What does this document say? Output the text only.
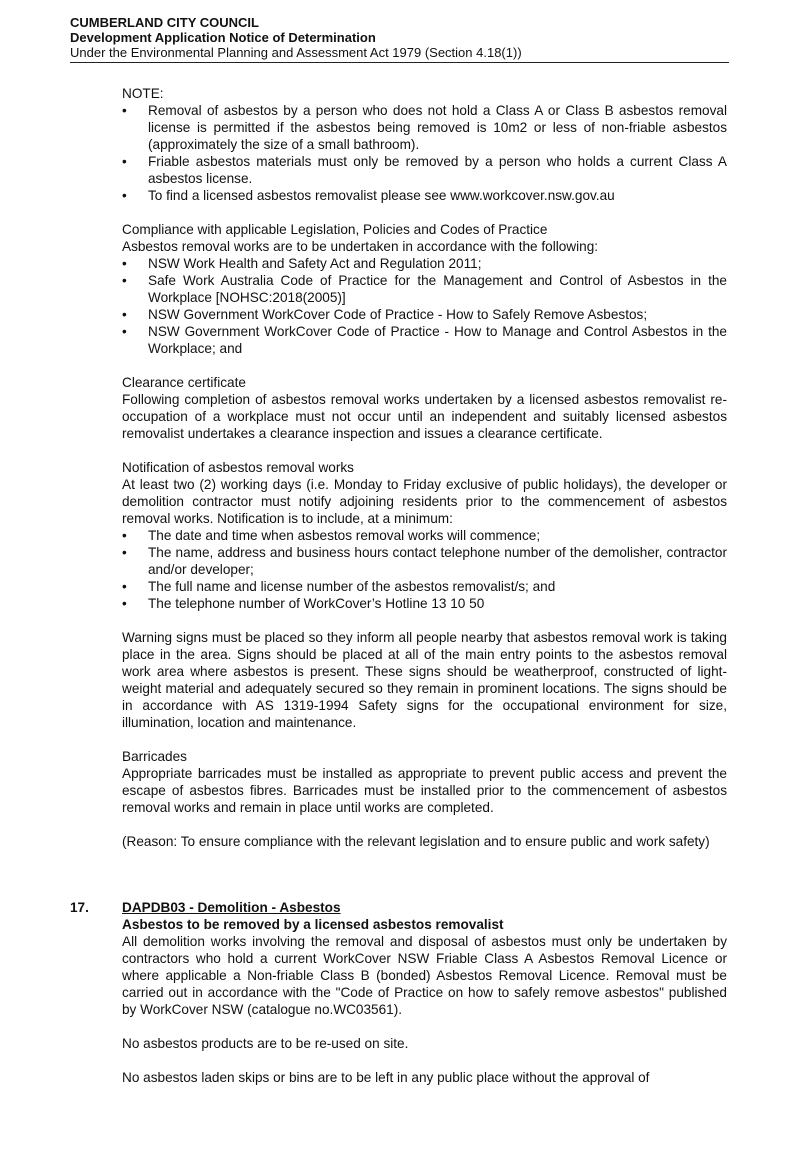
CUMBERLAND CITY COUNCIL
Development Application Notice of Determination
Under the Environmental Planning and Assessment Act 1979 (Section 4.18(1))

NOTE:

• Removal of asbestos by a person who does not hold a Class A or Class B asbestos removal license is permitted if the asbestos being removed is 10m2 or less of non-friable asbestos (approximately the size of a small bathroom).
• Friable asbestos materials must only be removed by a person who holds a current Class A asbestos license.
• To find a licensed asbestos removalist please see www.workcover.nsw.gov.au

Compliance with applicable Legislation, Policies and Codes of Practice

Asbestos removal works are to be undertaken in accordance with the following:

• NSW Work Health and Safety Act and Regulation 2011;
• Safe Work Australia Code of Practice for the Management and Control of Asbestos in the Workplace [NOHSC:2018(2005)]
• NSW Government WorkCover Code of Practice - How to Safely Remove Asbestos;
• NSW Government WorkCover Code of Practice - How to Manage and Control Asbestos in the Workplace; and

Clearance certificate

Following completion of asbestos removal works undertaken by a licensed asbestos removalist re-occupation of a workplace must not occur until an independent and suitably licensed asbestos removalist undertakes a clearance inspection and issues a clearance certificate.

Notification of asbestos removal works

At least two (2) working days (i.e. Monday to Friday exclusive of public holidays), the developer or demolition contractor must notify adjoining residents prior to the commencement of asbestos removal works. Notification is to include, at a minimum:

• The date and time when asbestos removal works will commence;
• The name, address and business hours contact telephone number of the demolisher, contractor and/or developer;
• The full name and license number of the asbestos removalist/s; and
• The telephone number of WorkCover’s Hotline 13 10 50

Warning signs must be placed so they inform all people nearby that asbestos removal work is taking place in the area. Signs should be placed at all of the main entry points to the asbestos removal work area where asbestos is present. These signs should be weatherproof, constructed of light-weight material and adequately secured so they remain in prominent locations. The signs should be in accordance with AS 1319-1994 Safety signs for the occupational environment for size, illumination, location and maintenance.

Barricades

Appropriate barricades must be installed as appropriate to prevent public access and prevent the escape of asbestos fibres. Barricades must be installed prior to the commencement of asbestos removal works and remain in place until works are completed.

(Reason: To ensure compliance with the relevant legislation and to ensure public and work safety)

17. DAPDB03 - Demolition - Asbestos
Asbestos to be removed by a licensed asbestos removalist

All demolition works involving the removal and disposal of asbestos must only be undertaken by contractors who hold a current WorkCover NSW Friable Class A Asbestos Removal Licence or where applicable a Non-friable Class B (bonded) Asbestos Removal Licence. Removal must be carried out in accordance with the "Code of Practice on how to safely remove asbestos" published by WorkCover NSW (catalogue no.WC03561).

No asbestos products are to be re-used on site.

No asbestos laden skips or bins are to be left in any public place without the approval of
